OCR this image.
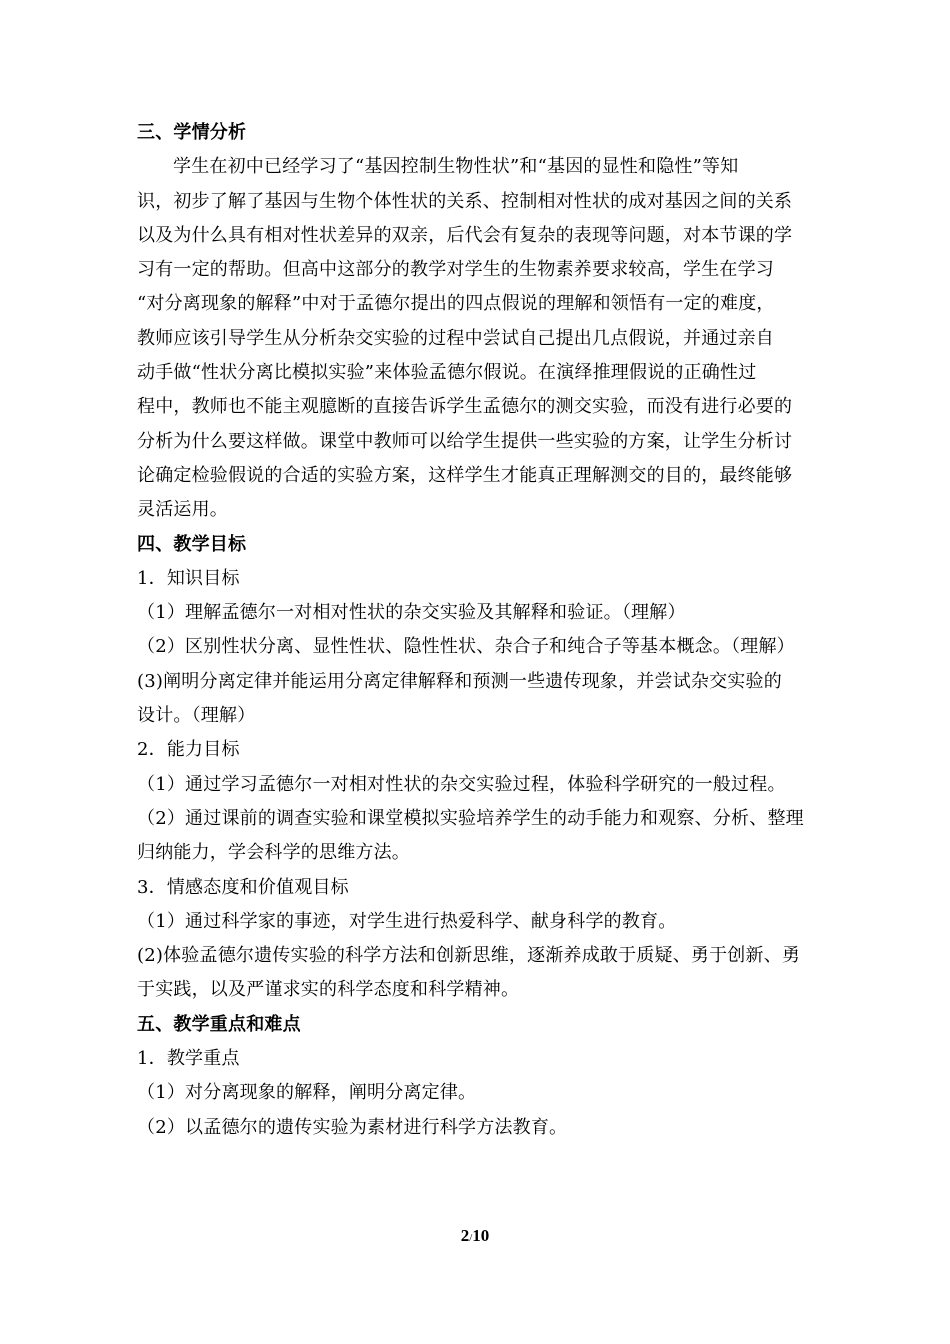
三、学情分析
学生在初中已经学习了“基因控制生物性状”和“基因的显性和隐性”等知
识，初步了解了基因与生物个体性状的关系、控制相对性状的成对基因之间的关系
以及为什么具有相对性状差异的双亲，后代会有复杂的表现等问题，对本节课的学
习有一定的帮助。但高中这部分的教学对学生的生物素养要求较高，学生在学习
“对分离现象的解释”中对于孟德尔提出的四点假说的理解和领悟有一定的难度，
教师应该引导学生从分析杂交实验的过程中尝试自己提出几点假说，并通过亲自
动手做“性状分离比模拟实验”来体验孟德尔假说。在演绎推理假说的正确性过
程中，教师也不能主观臆断的直接告诉学生孟德尔的测交实验，而没有进行必要的
分析为什么要这样做。课堂中教师可以给学生提供一些实验的方案，让学生分析讨
论确定检验假说的合适的实验方案，这样学生才能真正理解测交的目的，最终能够
灵活运用。
四、教学目标
1．知识目标
（1）理解孟德尔一对相对性状的杂交实验及其解释和验证。（理解）
（2）区别性状分离、显性性状、隐性性状、杂合子和纯合子等基本概念。（理解）
(3)阐明分离定律并能运用分离定律解释和预测一些遗传现象，并尝试杂交实验的
设计。（理解）
2．能力目标
（1）通过学习孟德尔一对相对性状的杂交实验过程，体验科学研究的一般过程。
（2）通过课前的调查实验和课堂模拟实验培养学生的动手能力和观察、分析、整理
归纳能力，学会科学的思维方法。
3．情感态度和价值观目标
（1）通过科学家的事迹，对学生进行热爱科学、献身科学的教育。
(2)体验孟德尔遗传实验的科学方法和创新思维，逐渐养成敢于质疑、勇于创新、勇
于实践，以及严谨求实的科学态度和科学精神。
五、教学重点和难点
1．教学重点
（1）对分离现象的解释，阐明分离定律。
（2）以孟德尔的遗传实验为素材进行科学方法教育。
2/10
